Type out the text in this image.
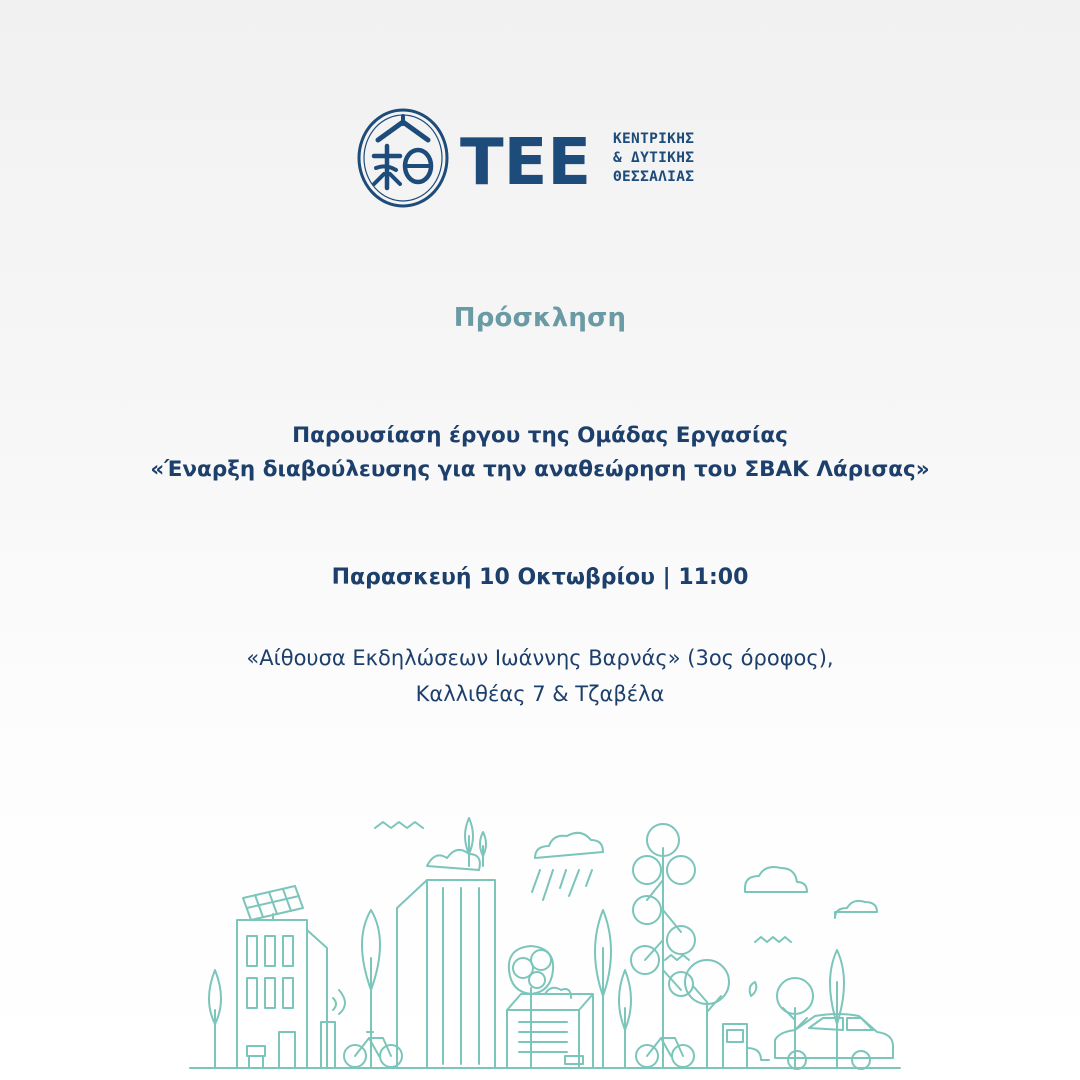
ΤΕΕ ΚΕΝΤΡΙΚΗΣ
& ΔΥΤΙΚΗΣ
ΘΕΣΣΑΛΙΑΣ
Πρόσκληση
Παρουσίαση έργου της Ομάδας Εργασίας
«Έναρξη διαβούλευσης για την αναθεώρηση του ΣΒΑΚ Λάρισας»
Παρασκευή 10 Οκτωβρίου | 11:00
«Αίθουσα Εκδηλώσεων Ιωάννης Βαρνάς» (3ος όροφος),
Καλλιθέας 7 & Τζαβέλα
